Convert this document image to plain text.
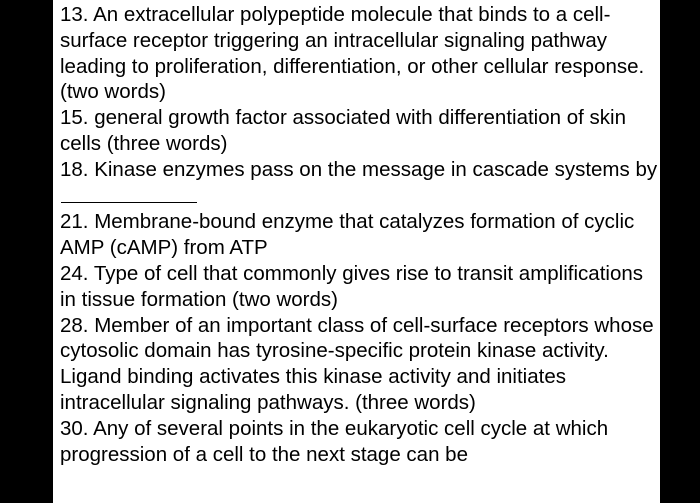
13. An extracellular polypeptide molecule that binds to a cell-surface receptor triggering an intracellular signaling pathway leading to proliferation, differentiation, or other cellular response. (two words)
15. general growth factor associated with differentiation of skin cells (three words)
18. Kinase enzymes pass on the message in cascade systems by
21. Membrane-bound enzyme that catalyzes formation of cyclic AMP (cAMP) from ATP
24. Type of cell that commonly gives rise to transit amplifications in tissue formation (two words)
28. Member of an important class of cell-surface receptors whose cytosolic domain has tyrosine-specific protein kinase activity. Ligand binding activates this kinase activity and initiates intracellular signaling pathways. (three words)
30. Any of several points in the eukaryotic cell cycle at which progression of a cell to the next stage can be
